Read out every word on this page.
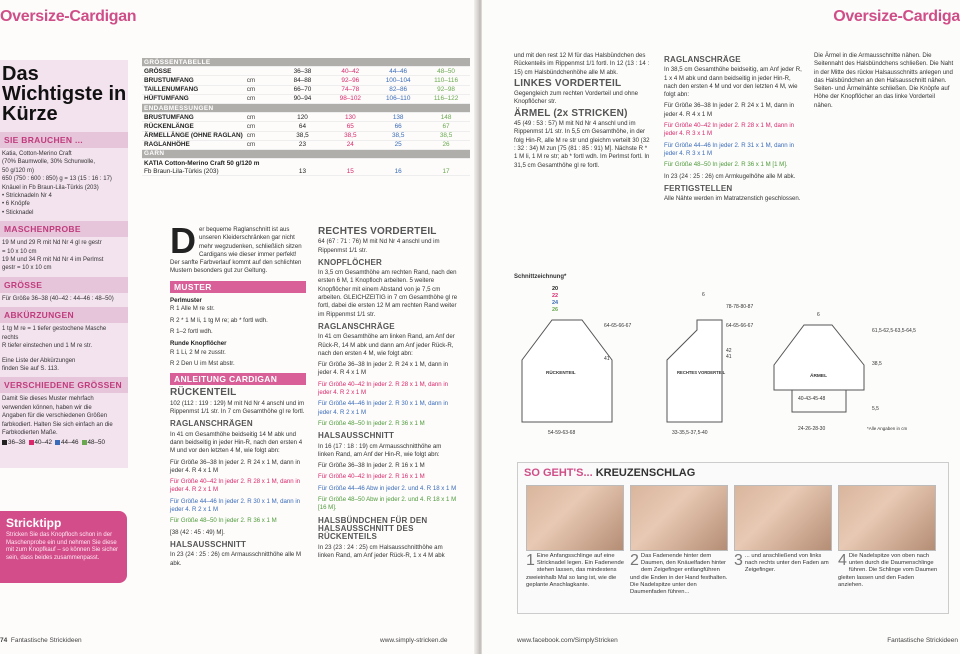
Oversize-Cardigan
Das Wichtigste in Kürze
SIE BRAUCHEN ...
Katia, Cotton-Merino Craft
(70% Baumwolle, 30% Schurwolle,
50 g/120 m)
650 (750 : 600 : 850) g = 13 (15 : 16 : 17)
Knäuel in Fb Braun-Lila-Türkis (203)
• Stricknadeln Nr 4
• 6 Knöpfe
• Sticknadel
MASCHENPROBE
19 M und 29 R mit Nd Nr 4 gl re gestr
= 10 x 10 cm
19 M und 34 R mit Nd Nr 4 im Perlmst
gestr = 10 x 10 cm
GRÖSSE
Für Größe 36–38 (40–42 : 44–46 : 48–50)
ABKÜRZUNGEN
1 tg M re = 1 tiefer gestochene Masche
rechts
R tiefer einstechen und 1 M re str.
Eine Liste der Abkürzungen
finden Sie auf S. 113.
VERSCHIEDENE GRÖSSEN
Damit Sie dieses Muster mehrfach
verwenden können, haben wir die
Angaben für die verschiedenen Größen
farbkodiert. Halten Sie sich einfach an die
Farbkodierten Maße.
36–38	40–42	44–46	48–50
Stricktipp
Stricken Sie das Knopfloch schon in der Maschenprobe ein und nehmen Sie diese mit zum Knopfkauf – so können Sie sicher sein, dass beides zusammenpasst.
GRÖSSENTABELLE					
GRÖSSE		36–38	40–42	44–46	48–50
BRUSTUMFANG	cm	84–88	92–96	100–104	110–116
TAILLENUMFANG	cm	66–70	74–78	82–86	92–98
HÜFTUMFANG	cm	90–94	98–102	106–110	116–122
ENDABMESSUNGEN					
BRUSTUMFANG	cm	120	130	138	148
RÜCKENLÄNGE	cm	64	65	66	67
ÄRMELLÄNGE (OHNE RAGLAN)	cm	38,5	38,5	38,5	38,5
RAGLANHÖHE	cm	23	24	25	26
GARN					
KATIA Cotton-Merino Craft 50 g/120 m					
Fb Braun-Lila-Türkis (203)		13	15	16	17

Der bequeme Raglanschnitt ist aus unseren Kleiderschränken gar nicht mehr wegzudenken, schließlich sitzen Cardigans wie dieser immer perfekt! Der sanfte Farbverlauf kommt auf den schlichten Mustern besonders gut zur Geltung.

MUSTER
Perlmuster

R 1 Alle M re str.

R 2 * 1 M li, 1 tg M re; ab * fortl wdh.

R 1–2 fortl wdh.

Runde Knopflöcher

R 1 Li, 2 M re zusstr.

R 2 Den U im Mst abstr.

ANLEITUNG CARDIGAN
RÜCKENTEIL

102 (112 : 119 : 129) M mit Nd Nr 4 anschl und im Rippenmst 1/1 str. In 7 cm Gesamthöhe gl re fortl.

RAGLANSCHRÄGEN

In 41 cm Gesamthöhe beidseitig 14 M abk und dann beidseitig in jeder Hin-R, nach den ersten 4 M und vor den letzten 4 M, wie folgt abn:

Für Größe 36–38 In jeder 2. R 24 x 1 M, dann in jeder 4. R 4 x 1 M

Für Größe 40–42 In jeder 2. R 28 x 1 M, dann in jeder 4. R 2 x 1 M

Für Größe 44–46 In jeder 2. R 30 x 1 M, dann in jeder 4. R 2 x 1 M

Für Größe 48–50 In jeder 2. R 36 x 1 M

[38 (42 : 45 : 49) M].

HALSAUSSCHNITT

In 23 (24 : 25 : 26) cm Armausschnitthöhe alle M abk.

RECHTES VORDERTEIL

64 (67 : 71 : 76) M mit Nd Nr 4 anschl und im Rippenmst 1/1 str.

KNOPFLÖCHER

In 3,5 cm Gesamthöhe am rechten Rand, nach den ersten 6 M, 1 Knopfloch arbeiten. 5 weitere Knopflöcher mit einem Abstand von je 7,5 cm arbeiten. GLEICHZEITIG in 7 cm Gesamthöhe gl re fortl, dabei die ersten 12 M am rechten Rand weiter im Rippenmst 1/1 str.

RAGLANSCHRÄGE

In 41 cm Gesamthöhe am linken Rand, am Anf der Rück-R, 14 M abk und dann am Anf jeder Rück-R, nach den ersten 4 M, wie folgt abn:

Für Größe 36–38 In jeder 2. R 24 x 1 M, dann in jeder 4. R 4 x 1 M

Für Größe 40–42 In jeder 2. R 28 x 1 M, dann in jeder 4. R 2 x 1 M

Für Größe 44–46 In jeder 2. R 30 x 1 M, dann in jeder 4. R 2 x 1 M

Für Größe 48–50 In jeder 2. R 36 x 1 M

HALSAUSSCHNITT

In 16 (17 : 18 : 19) cm Armausschnitthöhe am linken Rand, am Anf der Hin-R, wie folgt abn:

Für Größe 36–38 In jeder 2. R 16 x 1 M

Für Größe 40–42 In jeder 2. R 16 x 1 M

Für Größe 44–46 Abw in jeder 2. und 4. R 18 x 1 M

Für Größe 48–50 Abw in jeder 2. und 4. R 18 x 1 M [16 M].

HALSBÜNDCHEN FÜR DEN HALSAUSSCHNITT DES RÜCKENTEILS

In 23 (23 : 24 : 25) cm Halsausschnitthöhe am linken Rand, am Anf jeder Rück-R, 1 x 4 M abk

74 Fantastische Strickideen	www.simply-stricken.de
Oversize-Cardiga

und mit den rest 12 M für das Halsbündchen des Rückenteils im Rippenmst 1/1 fortl. In 12 (13 : 14 : 15) cm Halsbündchenhöhe alle M abk.

LINKES VORDERTEIL

Gegengleich zum rechten Vorderteil und ohne Knopflöcher str.

ÄRMEL (2x STRICKEN)

45 (49 : 53 : 57) M mit Nd Nr 4 anschl und im Rippenmst 1/1 str. In 5,5 cm Gesamthöhe, in der folg Hin-R, alle M re str und gleichm verteilt 30 (32 : 32 : 34) M zun [75 (81 : 85 : 91) M]. Nächste R * 1 M li, 1 M re str; ab * fortl wdh. Im Perlmst fortl. In 31,5 cm Gesamthöhe gl re fortl.

RAGLANSCHRÄGE

In 38,5 cm Gesamthöhe beidseitig, am Anf jeder R, 1 x 4 M abk und dann beidseitig in jeder Hin-R, nach den ersten 4 M und vor den letzten 4 M, wie folgt abn:

Für Größe 36–38 In jeder 2. R 24 x 1 M, dann in jeder 4. R 4 x 1 M

Für Größe 40–42 In jeder 2. R 28 x 1 M, dann in jeder 4. R 3 x 1 M

Für Größe 44–46 In jeder 2. R 31 x 1 M, dann in jeder 4. R 3 x 1 M

Für Größe 48–50 In jeder 2. R 36 x 1 M [1 M].

In 23 (24 : 25 : 26) cm Armkugelhöhe alle M abk.

FERTIGSTELLEN

Alle Nähte werden im Matratzenstich geschlossen.

Die Ärmel in die Armausschnitte nähen. Die Seitennaht des Halsbündchens schließen. Die Naht in der Mitte des rückw Halsausschnitts anlegen und das Halsbündchen an den Halsausschnitt nähen. Seiten- und Ärmelnähte schließen. Die Knöpfe auf Höhe der Knopflöcher an das linke Vorderteil nähen.

Schnittzeichnung*
RÜCKENTEIL
20
22
24
26
64-65-66-67
41
54-59-63-68
RECHTES VORDERTEIL
6
78-78-80-87
64-65-66-67
42
41
33-35,5-37,5-40
ÄRMEL
6
61,5-62,5-63,5-64,5
38,5
5,5
40-43-45-48
24-26-28-30	*Alle Angaben in cm
SO GEHT'S... KREUZENSCHLAG
1 Eine Anfangsschlinge auf eine Stricknadel legen. Ein Fadenende stehen lassen, das mindestens zweieinhalb Mal so lang ist, wie die geplante Anschlagkante.
2 Das Fadenende hinter dem Daumen, den Knäuelfaden hinter dem Zeigefinger entlangführen und die Enden in der Hand festhalten. Die Nadelspitze unter den Daumenfaden führen...
3 ... und anschließend von links nach rechts unter den Faden am Zeigefinger.
4 Die Nadelspitze von oben nach unten durch die Daumenschlinge führen. Die Schlinge vom Daumen gleiten lassen und den Faden anziehen.
www.facebook.com/SimplyStricken	Fantastische Strickideen
